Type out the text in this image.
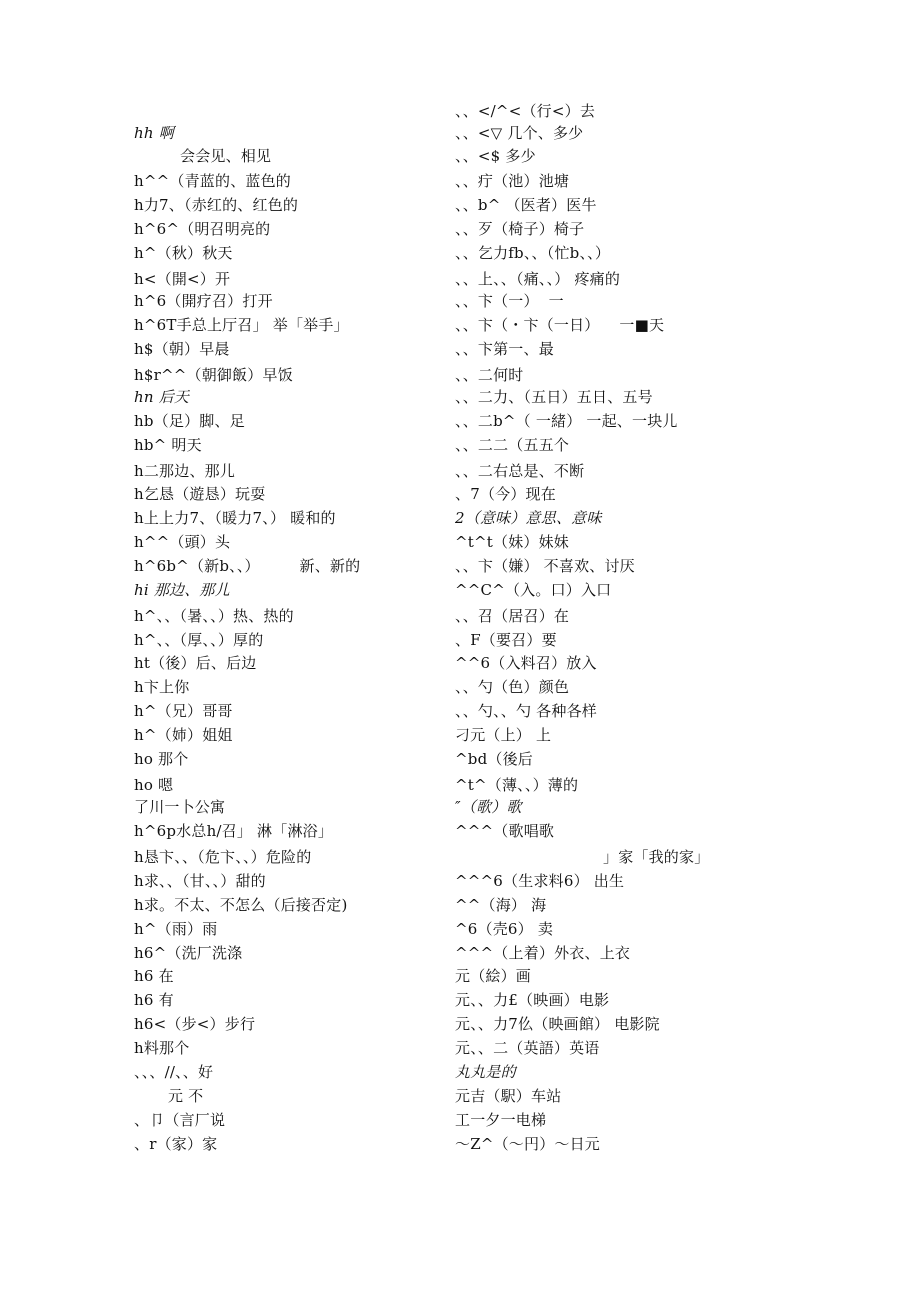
hh 啊
会会见、相见
h^^（青蓝的、蓝色的
h力7、（赤红的、红色的
h^6^（明召明亮的
h^（秋）秋天
h<（開<）开
h^6（開疗召）打开
h^6T手总上厅召」 举「举手」
h$（朝）早晨
h$r^^（朝御飯）早饭
hn 后天
hb（足）脚、足
hb^ 明天
h二那边、那儿
h乞恳（遊恳）玩耍
h上上力7、（暖力7、） 暖和的
h^^（頭）头
h^6b^（新b、、）        新、新的
hi 那边、那儿
h^、、（暑、、）热、热的
h^、、（厚、、）厚的
ht（後）后、后边
h卞上你
h^（兄）哥哥
h^（姉）姐姐
ho 那个
ho 嗯
了川一卜公寓
h^6p水总h/召」 淋「淋浴」
h恳卞、、（危卞、、）危险的
h求、、（甘、、）甜的
h求。不太、不怎么（后接否定)
h^（雨）雨
h6^（洗厂洗涤
h6 在
h6 有
h6<（步<）步行
h料那个
、、、//、、好
元 不
、卩（言厂说
、r（家）家
、、</^<（行<）去
、、<▽ 几个、多少
、、<$ 多少
、、疔（池）池塘
、、b^ （医者）医牛
、、歹（椅子）椅子
、、乞力fb、、（忙b、、）
、、上、、（痛、、） 疼痛的
、、卞（一）  一
、、卞（・卞（一日）    一■天
、、卞第一、最
、、二何时
、、二力、（五日）五日、五号
、、二b^（ 一緒） 一起、一块儿
、、二二（五五个
、、二右总是、不断
、7（今）现在
2（意味）意思、意味
^t^t（妹）妹妹
、、卞（嫌） 不喜欢、讨厌
^^C^（入。口）入口
、、召（居召）在
、F（要召）要
^^6（入料召）放入
、、勺（色）颜色
、、勺、、勺 各种各样
刁元（上） 上
^bd（後后
^t^（薄、、）薄的
″（歌）歌
^^^（歌唱歌
」家「我的家」
^^^6（生求料6） 出生
^^（海） 海
^6（壳6） 卖
^^^（上着）外衣、上衣
元（絵）画
元、、力£（映画）电影
元、、力7仫（映画館） 电影院
元、、二（英語）英语
丸丸是的
元吉（駅）车站
工一夕一电梯
～Z^（～円）～日元
